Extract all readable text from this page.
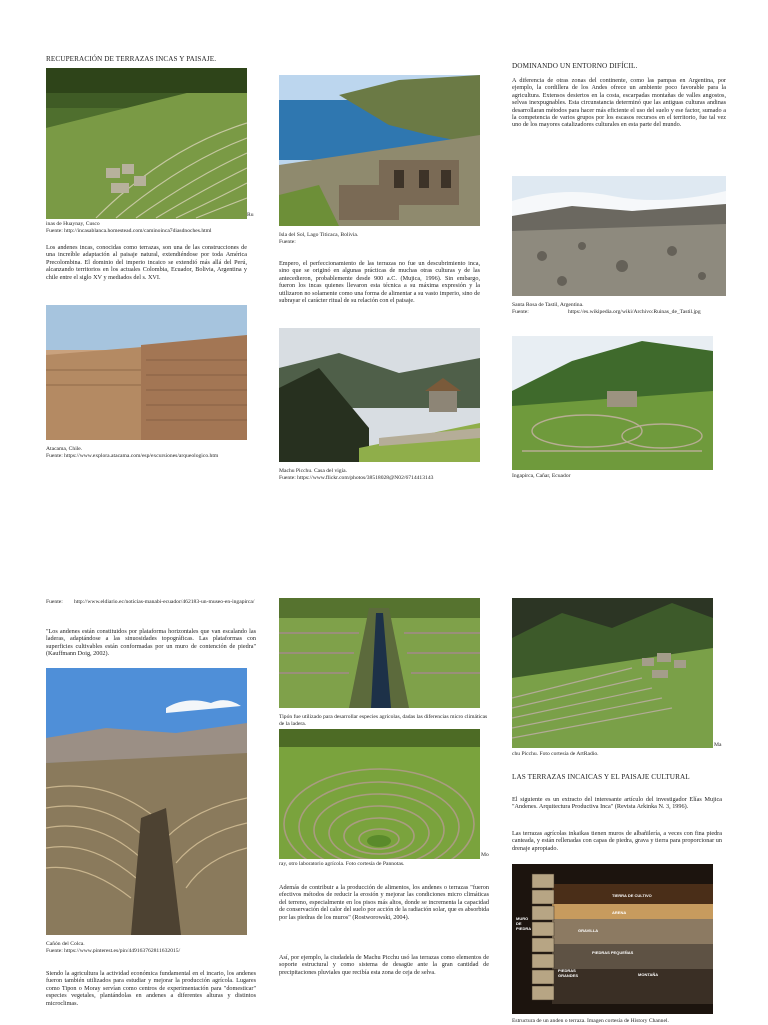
RECUPERACIÓN DE TERRAZAS INCAS Y PAISAJE.
Ru
inas de Huaynay, Cusco
Fuente: http://incasablanca.homestead.com/caminoinca7diasdnoches.html
Los andenes incas, conocidas como terrazas, son una de las construcciones de una increíble adaptación al paisaje natural, extendiéndose por toda América Precolombina. El dominio del imperio incaico se extendió más allá del Perú, alcanzando territorios en los actuales Colombia, Ecuador, Bolivia, Argentina y chile entre el siglo XV y mediados del s. XVI.
Atacama, Chile.
Fuente: https://www.explora.atacama.com/esp/excursiones/arqueologico.htm
Isla del Sol, Lago Titicaca, Bolivia.
Fuente:
Empero, el perfeccionamiento de las terrazas no fue un descubrimiento inca, sino que se originó en algunas prácticas de muchas otras culturas y de las antecedieron, probablemente desde 900 a.C. (Mujica, 1996). Sin embargo, fueron los incas quienes llevaron esta técnica a su máxima expresión y la utilizaron no solamente como una forma de alimentar a su vasto imperio, sino de subrayar el carácter ritual de su relación con el paisaje.
Machu Picchu. Casa del vigía.
Fuente: https://www.flickr.com/photos/38518028@N02/6714413143
DOMINANDO UN ENTORNO DIFÍCIL.
A diferencia de otras zonas del continente, como las pampas en Argentina, por ejemplo, la cordillera de los Andes ofrece un ambiente poco favorable para la agricultura. Extensos desiertos en la costa, escarpadas montañas de valles angostos, selvas inexpugnables. Esta circunstancia determinó que las antiguas culturas andinas desarrollaran métodos para hacer más eficiente el uso del suelo y ese factor, sumado a la competencia de varios grupos por los escasos recursos en el territorio, fue tal vez uno de los mayores catalizadores culturales en esta parte del mundo.
Santa Rosa de Tastil, Argentina.
Fuente:	https://es.wikipedia.org/wiki/Archivo:Ruinas_de_Tastil.jpg
Ingapirca, Cañar, Ecuador
Fuente: http://www.eldiario.ec/noticias-manabi-ecuador/462183-un-museo-en-ingapirca/
"Los andenes están constituidos por plataforma horizontales que van escalando las laderas, adaptándose a las sinuosidades topográficas. Las plataformas con superficies cultivables están conformadas por un muro de contención de piedra" (Kauffmann Doig, 2002).
Cañón del Colca.
Fuente: https://www.pinterest.es/pin/449163762811632015/
Siendo la agricultura la actividad económica fundamental en el incario, los andenes fueron también utilizados para estudiar y mejorar la producción agrícola. Lugares como Tipon o Moray servían como centros de experimentación para "domesticar" especies vegetales, plantándolas en andenes a diferentes alturas y distintos microclimas.
Tipón fue utilizado para desarrollar especies agrícolas, dadas las diferencias micro climáticas de la ladera.
Mo
ray, otro laboratorio agrícola. Foto cortesía de Pannotas.
Además de contribuir a la producción de alimentos, los andenes o terrazas "fueron efectivos métodos de reducir la erosión y mejorar las condiciones micro climáticas del terreno, especialmente en los pisos más altos, donde se incrementa la capacidad de conservación del calor del suelo por acción de la radiación solar, que es absorbida por las piedras de los muros" (Rostworowski, 2004).
Así, por ejemplo, la ciudadela de Machu Picchu usó las terrazas como elementos de soporte estructural y como sistema de desagüe ante la gran cantidad de precipitaciones pluviales que recibía esta zona de ceja de selva.
Ma
chu Picchu. Foto cortesía de ArtRadio.
LAS TERRAZAS INCAICAS Y EL PAISAJE CULTURAL
El siguiente es un extracto del interesante artículo del investigador Elías Mujica "Andenes. Arquitectura Productiva Inca" (Revista Arkinka N. 3, 1996).
Las terrazas agrícolas inkaikas tienen muros de albañilería, a veces con fina piedra canteada, y están rellenadas con capas de piedra, grava y tierra para proporcionar un drenaje apropiado.
TIERRA DE CULTIVO
ARENA
MURO
DE
PIEDRA	GRAVILLA
PIEDRAS PEQUEÑAS
PIEDRAS
GRANDES	MONTAÑA
Estructura de un anden o terraza. Imagen cortesía de History Channel.
